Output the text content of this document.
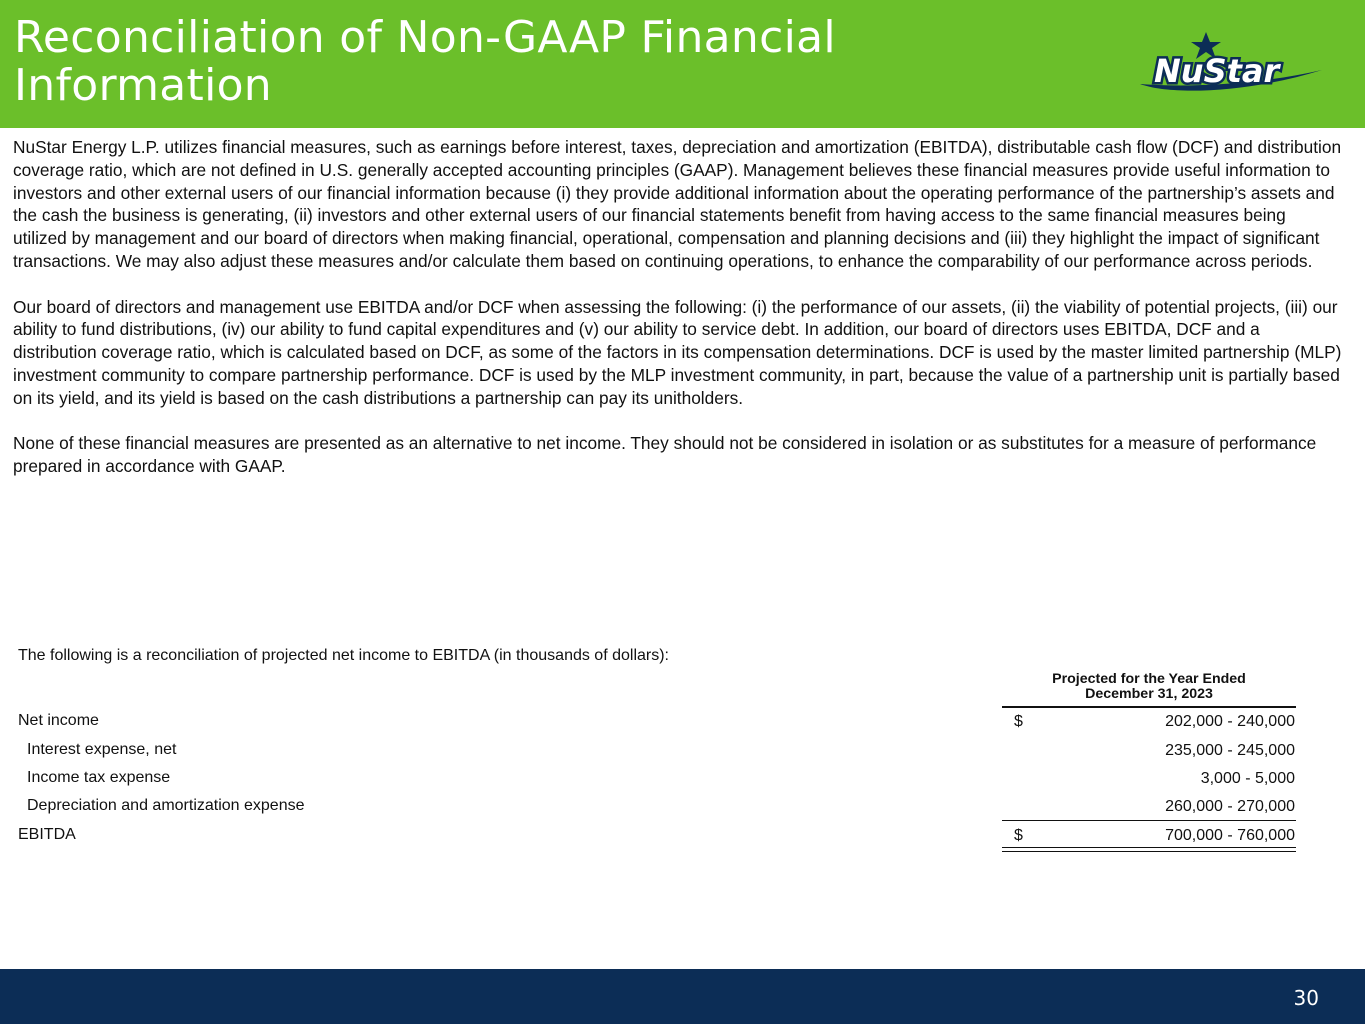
Reconciliation of Non-GAAP Financial Information	NuStar

NuStar Energy L.P. utilizes financial measures, such as earnings before interest, taxes, depreciation and amortization (EBITDA), distributable cash flow (DCF) and distribution coverage ratio, which are not defined in U.S. generally accepted accounting principles (GAAP). Management believes these financial measures provide useful information to investors and other external users of our financial information because (i) they provide additional information about the operating performance of the partnership’s assets and the cash the business is generating, (ii) investors and other external users of our financial statements benefit from having access to the same financial measures being utilized by management and our board of directors when making financial, operational, compensation and planning decisions and (iii) they highlight the impact of significant transactions. We may also adjust these measures and/or calculate them based on continuing operations, to enhance the comparability of our performance across periods.

Our board of directors and management use EBITDA and/or DCF when assessing the following: (i) the performance of our assets, (ii) the viability of potential projects, (iii) our ability to fund distributions, (iv) our ability to fund capital expenditures and (v) our ability to service debt. In addition, our board of directors uses EBITDA, DCF and a distribution coverage ratio, which is calculated based on DCF, as some of the factors in its compensation determinations. DCF is used by the master limited partnership (MLP) investment community to compare partnership performance. DCF is used by the MLP investment community, in part, because the value of a partnership unit is partially based on its yield, and its yield is based on the cash distributions a partnership can pay its unitholders.

None of these financial measures are presented as an alternative to net income. They should not be considered in isolation or as substitutes for a measure of performance prepared in accordance with GAAP.

The following is a reconciliation of projected net income to EBITDA (in thousands of dollars):
Projected for the Year Ended
December 31, 2023
Net income	$	202,000 - 240,000
Interest expense, net	235,000 - 245,000
Income tax expense	3,000 - 5,000
Depreciation and amortization expense	260,000 - 270,000
EBITDA	$	700,000 - 760,000
30
